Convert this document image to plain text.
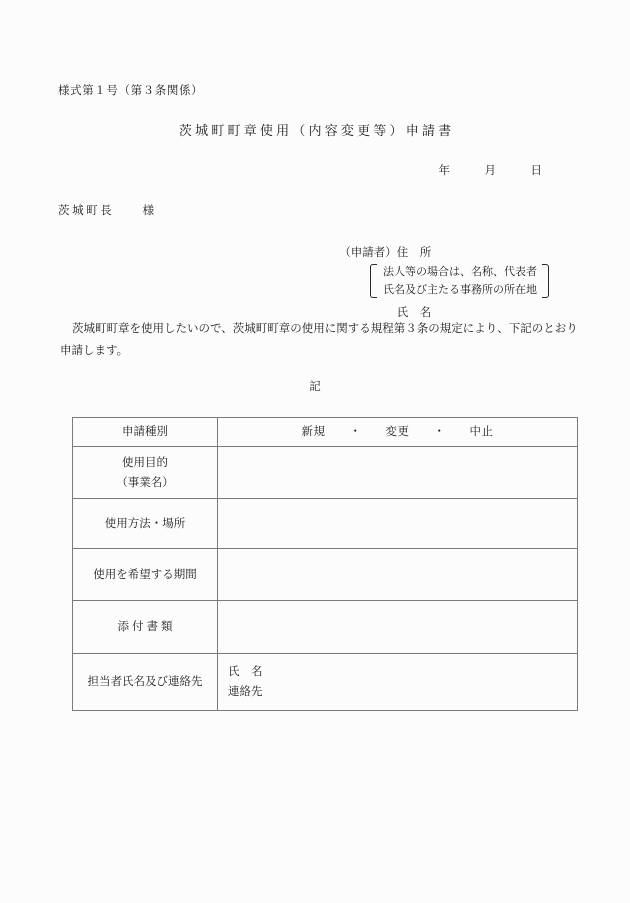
様式第１号（第３条関係）
茨城町町章使用（内容変更等）申請書
年　　　月　　　日
茨城町長　　様

（申請者）住　所

氏　名

法人等の場合は、名称、代表者
氏名及び主たる事務所の所在地
茨城町町章を使用したいので、茨城町町章の使用に関する規程第３条の規定により、下記のとおり申請します。
記
申請種別	新規　　・　　変更　　・　　中止

使用目的
（事業名）	

使用方法・場所	

使用を希望する期間	

添付書類	

担当者氏名及び連絡先	氏　名
連絡先
